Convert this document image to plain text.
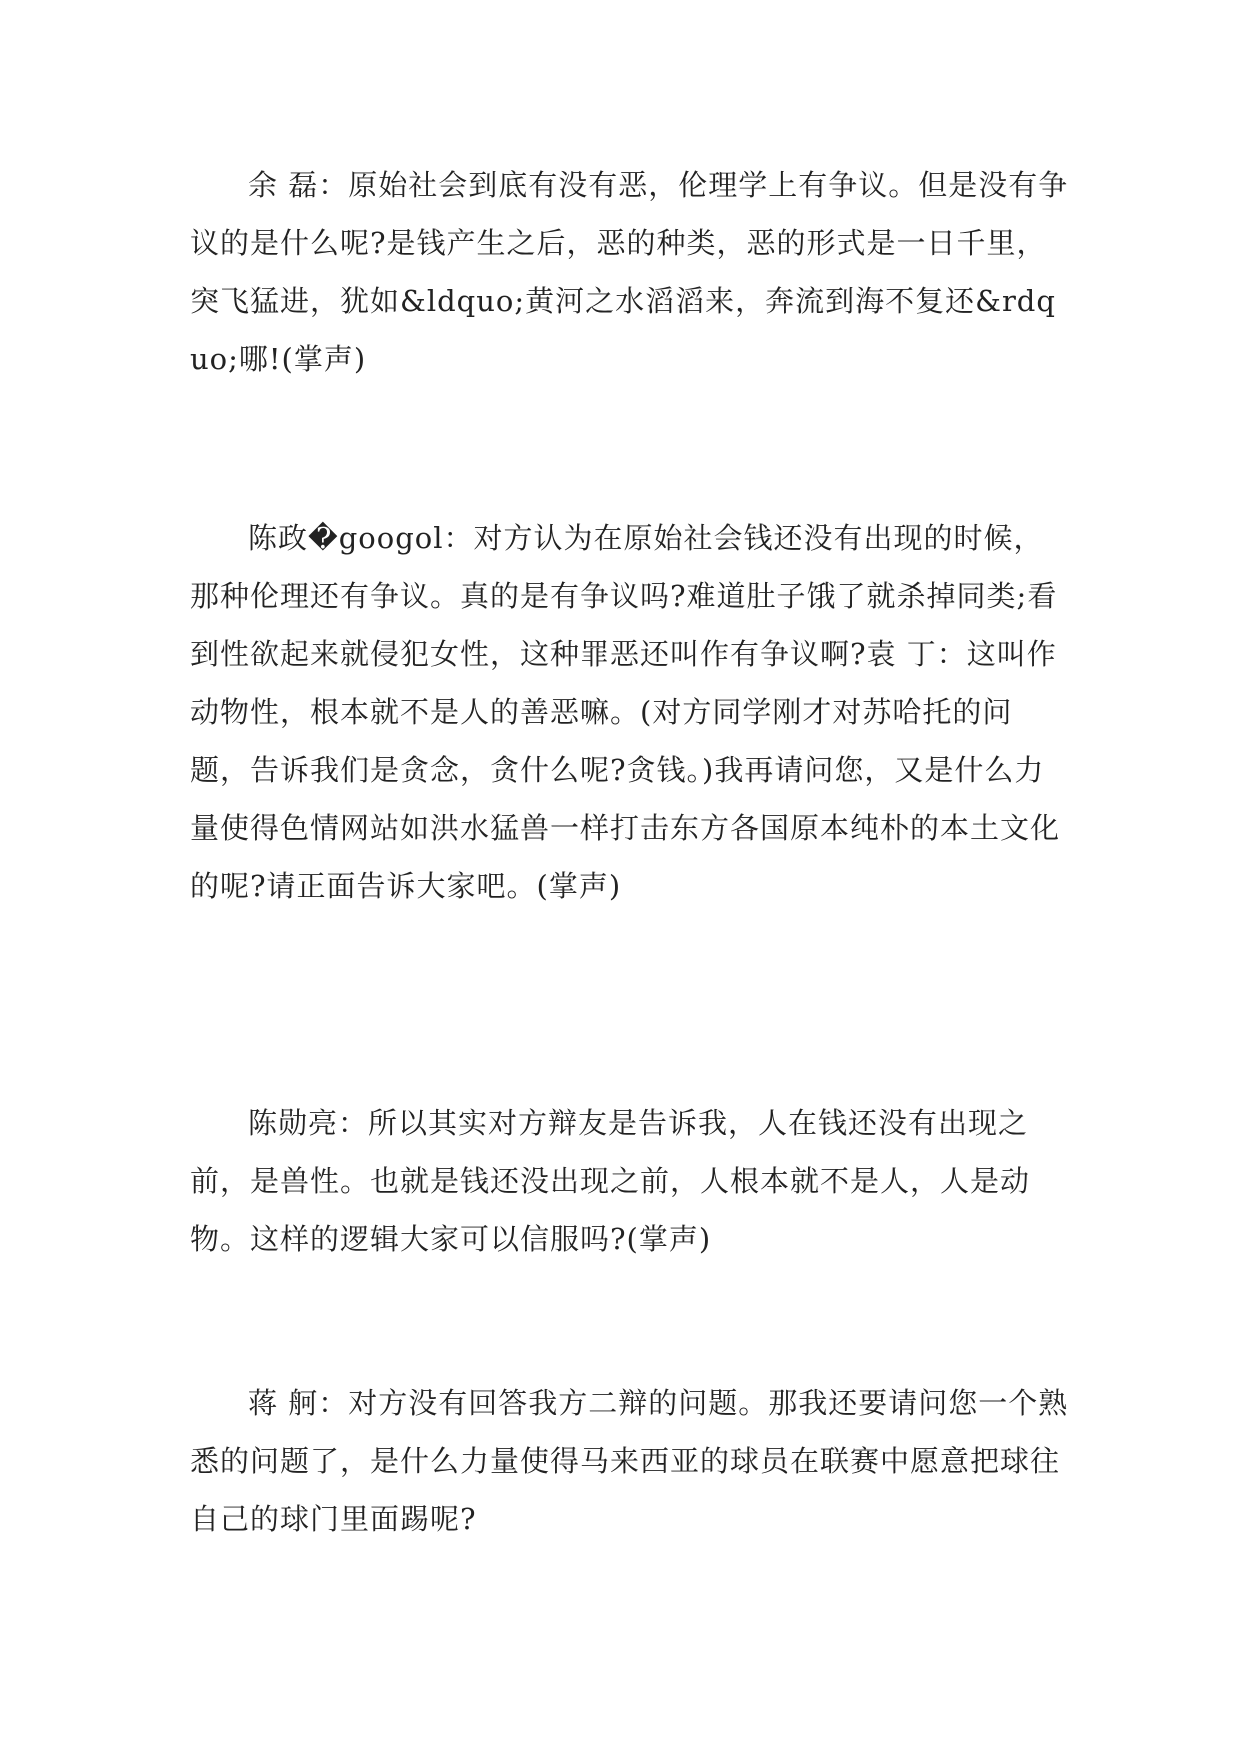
余 磊：原始社会到底有没有恶，伦理学上有争议。但是没有争议的是什么呢?是钱产生之后，恶的种类，恶的形式是一日千里，突飞猛进，犹如&ldquo;黄河之水滔滔来，奔流到海不复还&rdquo;哪!(掌声)

陈政�googol：对方认为在原始社会钱还没有出现的时候，那种伦理还有争议。真的是有争议吗?难道肚子饿了就杀掉同类;看到性欲起来就侵犯女性，这种罪恶还叫作有争议啊?袁 丁：这叫作动物性，根本就不是人的善恶嘛。(对方同学刚才对苏哈托的问题，告诉我们是贪念，贪什么呢?贪钱。)我再请问您，又是什么力量使得色情网站如洪水猛兽一样打击东方各国原本纯朴的本土文化的呢?请正面告诉大家吧。(掌声)

陈勋亮：所以其实对方辩友是告诉我，人在钱还没有出现之前，是兽性。也就是钱还没出现之前，人根本就不是人，人是动物。这样的逻辑大家可以信服吗?(掌声)

蒋 舸：对方没有回答我方二辩的问题。那我还要请问您一个熟悉的问题了，是什么力量使得马来西亚的球员在联赛中愿意把球往自己的球门里面踢呢?
